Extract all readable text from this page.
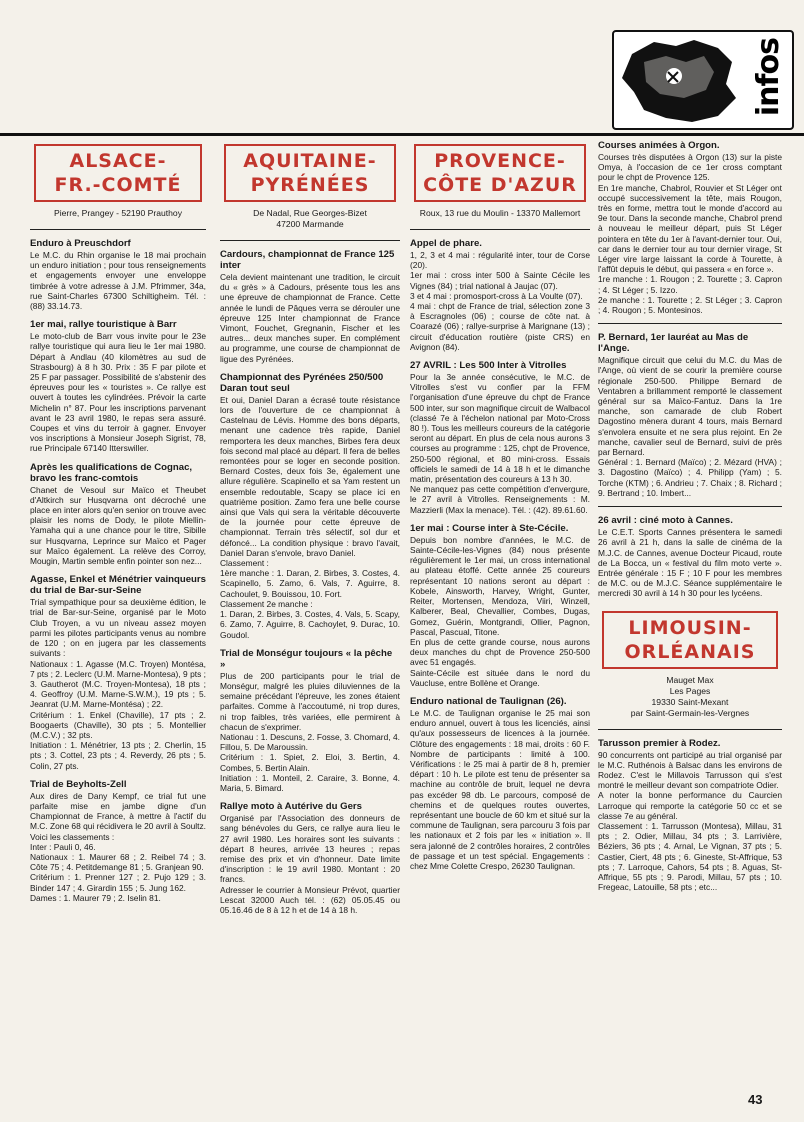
infos
ALSACE-
FR.-COMTÉ
Pierre, Prangey - 52190 Prauthoy
Enduro à Preuschdorf

Le M.C. du Rhin organise le 18 mai prochain un enduro initiation ; pour tous renseignements et engagements envoyer une enveloppe timbrée à votre adresse à J.M. Pfrimmer, 34a, rue Saint-Charles 67300 Schiltigheim. Tél. : (88) 33.14.73.

1er mai, rallye touristique à Barr

Le moto-club de Barr vous invite pour le 23e rallye touristique qui aura lieu le 1er mai 1980. Départ à Andlau (40 kilomètres au sud de Strasbourg) à 8 h 30. Prix : 35 F par pilote et 25 F par passager. Possibilité de s'abstenir des épreuves pour les « touristes ». Ce rallye est ouvert à toutes les cylindrées. Prévoir la carte Michelin n° 87. Pour les inscriptions parvenant avant le 23 avril 1980, le repas sera assuré. Coupes et vins du terroir à gagner. Envoyer vos inscriptions à Monsieur Joseph Sigrist, 78, rue Principale 67140 Itterswiller.

Après les qualifications de Cognac, bravo les franc-comtois

Chanet de Vesoul sur Maïco et Theubet d'Altkirch sur Husqvarna ont décroché une place en inter alors qu'en senior on trouve avec plaisir les noms de Dody, le pilote Miellin-Yamaha qui a une chance pour le titre, Sibille sur Husqvarna, Leprince sur Maïco et Pager sur Maïco également. La relève des Corroy, Mougin, Martin semble enfin pointer son nez...

Agasse, Enkel et Ménétrier vainqueurs du trial de Bar-sur-Seine

Trial sympathique pour sa deuxième édition, le trial de Bar-sur-Seine, organisé par le Moto Club Troyen, a vu un niveau assez moyen parmi les pilotes participants venus au nombre de 120 ; on en jugera par les classements suivants :
Nationaux : 1. Agasse (M.C. Troyen) Montésa, 7 pts ; 2. Leclerc (U.M. Marne-Montesa), 9 pts ; 3. Gautherot (M.C. Troyen-Montesa), 18 pts ; 4. Geoffroy (U.M. Marne-S.W.M.), 19 pts ; 5. Jeanrat (U.M. Marne-Montésa) ; 22.
Critérium : 1. Enkel (Chaville), 17 pts ; 2. Boogaerts (Chaville), 30 pts ; 5. Montellier (M.C.V.) ; 32 pts.
Initiation : 1. Ménétrier, 13 pts ; 2. Cherlin, 15 pts ; 3. Cottel, 23 pts ; 4. Reverdy, 26 pts ; 5. Colin, 27 pts.

Trial de Beyholts-Zell

Aux dires de Dany Kempf, ce trial fut une parfaite mise en jambe digne d'un Championnat de France, à mettre à l'actif du M.C. Zone 68 qui récidivera le 20 avril à Soultz. Voici les classements :
Inter : Pauli 0, 46.
Nationaux : 1. Maurer 68 ; 2. Reibel 74 ; 3. Côte 75 ; 4. Petitdemange 81 ; 5. Granjean 90.
Critérium : 1. Prenner 127 ; 2. Pujo 129 ; 3. Binder 147 ; 4. Girardin 155 ; 5. Jung 162.
Dames : 1. Maurer 79 ; 2. Iselin 81.

AQUITAINE-
PYRÉNÉES
De Nadal, Rue Georges-Bizet
47200 Marmande
Cardours, championnat de France 125 inter

Cela devient maintenant une tradition, le circuit du « grès » à Cadours, présente tous les ans une épreuve de championnat de France. Cette année le lundi de Pâques verra se dérouler une épreuve 125 Inter championnat de France Vimont, Fouchet, Gregnanin, Fischer et les autres... deux manches super. En complément au programme, une course de championnat de ligue des Pyrénées.

Championnat des Pyrénées 250/500
Daran tout seul

Et oui, Daniel Daran a écrasé toute résistance lors de l'ouverture de ce championnat à Castelnau de Lévis. Homme des bons départs, menant une cadence très rapide, Daniel remportera les deux manches, Birbes fera deux fois second mal placé au départ. Il fera de belles remontées pour se loger en seconde position. Bernard Costes, deux fois 3e, également une allure régulière. Scapinello et sa Yam restent un ensemble redoutable, Scapy se place ici en quatrième position. Zamo fera une belle course ainsi que Vals qui sera la véritable découverte de la journée pour cette épreuve de championnat. Terrain très sélectif, sol dur et défoncé... La condition physique : bravo l'avait, Daniel Daran s'envole, bravo Daniel.
Classement :
1ère manche : 1. Daran, 2. Birbes, 3. Costes, 4. Scapinello, 5. Zamo, 6. Vals, 7. Aguirre, 8. Cachoulet, 9. Bouissou, 10. Fort.
Classement 2e manche :
1. Daran, 2. Birbes, 3. Costes, 4. Vals, 5. Scapy, 6. Zamo, 7. Aguirre, 8. Cachoylet, 9. Durac, 10. Goudol.

Trial de Monségur toujours « la pêche »

Plus de 200 participants pour le trial de Monségur, malgré les pluies diluviennes de la semaine précédant l'épreuve, les zones étaient parfaites. Comme à l'accoutumé, ni trop dures, ni trop faibles, très variées, elle permirent à chacun de s'exprimer.
Nationau : 1. Descuns, 2. Fosse, 3. Chomard, 4. Fillou, 5. De Maroussin.
Critérium : 1. Spiet, 2. Eloi, 3. Bertin, 4. Combes, 5. Bertin Alain.
Initiation : 1. Monteil, 2. Caraire, 3. Bonne, 4. Maria, 5. Bimard.

Rallye moto à Autérive du Gers

Organisé par l'Association des donneurs de sang bénévoles du Gers, ce rallye aura lieu le 27 avril 1980. Les horaires sont les suivants : départ 8 heures, arrivée 13 heures ; repas remise des prix et vin d'honneur. Date limite d'inscription : le 19 avril 1980. Montant : 20 francs.
Adresser le courrier à Monsieur Prévot, quartier Lescat 32000 Auch tél. : (62) 05.05.45 ou 05.16.46 de 8 à 12 h et de 14 à 18 h.

PROVENCE-
CÔTE D'AZUR
Roux, 13 rue du Moulin - 13370 Mallemort
Appel de phare.

1, 2, 3 et 4 mai : régularité inter, tour de Corse (20).
1er mai : cross inter 500 à Sainte Cécile les Vignes (84) ; trial national à Jaujac (07).
3 et 4 mai : promosport-cross à La Voulte (07).
4 mai : chpt de France de trial, sélection zone 3 à Escragnoles (06) ; course de côte nat. à Coarazé (06) ; rallye-surprise à Marignane (13) ; circuit d'éducation routière (piste CRS) en Avignon (84).

27 AVRIL : Les 500 Inter à Vitrolles

Pour la 3e année consécutive, le M.C. de Vitrolles s'est vu confier par la FFM l'organisation d'une épreuve du chpt de France 500 inter, sur son magnifique circuit de Walbacol (classé 7e à l'échelon national par Moto-Cross 80 !). Tous les meilleurs coureurs de la catégorie seront au départ. En plus de cela nous aurons 3 courses au programme : 125, chpt de Provence, 250-500 régional, et 80 mini-cross. Essais officiels le samedi de 14 à 18 h et le dimanche matin, présentation des coureurs à 13 h 30.
Ne manquez pas cette compétition d'envergure, le 27 avril à Vitrolles. Renseignements : M. Mazzierli (Max la menace). Tél. : (42). 89.61.60.

1er mai : Course inter à Ste-Cécile.

Depuis bon nombre d'années, le M.C. de Sainte-Cécile-les-Vignes (84) nous présente régulièrement le 1er mai, un cross international au plateau étoffé. Cette année 25 coureurs représentant 10 nations seront au départ : Kobele, Ainsworth, Harvey, Wright, Gunter, Reiter, Mortensen, Mendoza, Viiri, Winzell, Kalberer, Beal, Chevallier, Combes, Dugas, Gomez, Guérin, Montgrandi, Ollier, Pagnon, Pascal, Pascual, Titone.
En plus de cette grande course, nous aurons deux manches du chpt de Provence 250-500 avec 51 engagés.
Sainte-Cécile est située dans le nord du Vaucluse, entre Bollène et Orange.

Enduro national de Taulignan (26).

Le M.C. de Taulignan organise le 25 mai son enduro annuel, ouvert à tous les licenciés, ainsi qu'aux possesseurs de licences à la journée. Clôture des engagements : 18 mai, droits : 60 F. Nombre de participants : limité à 100. Vérifications : le 25 mai à partir de 8 h, premier départ : 10 h. Le pilote est tenu de présenter sa machine au contrôle de bruit, lequel ne devra pas excéder 98 db. Le parcours, composé de chemins et de quelques routes ouvertes, représentant une boucle de 60 km et situé sur la commune de Taulignan, sera parcouru 3 fois par les nationaux et 2 fois par les « initiation ». Il sera jalonné de 2 contrôles horaires, 2 contrôles de passage et un test spécial. Engagements : chez Mme Colette Crespo, 26230 Taulignan.

Courses animées à Orgon.

Courses très disputées à Orgon (13) sur la piste Omya, à l'occasion de ce 1er cross comptant pour le chpt de Provence 125.
En 1re manche, Chabrol, Rouvier et St Léger ont occupé successivement la tête, mais Rougon, très en forme, mettra tout le monde d'accord au 9e tour. Dans la seconde manche, Chabrol prend à nouveau le meilleur départ, puis St Léger pointera en tête du 1er à l'avant-dernier tour. Oui, car dans le dernier tour au tour dernier virage, St Léger vire large laissant la corde à Tourette, à l'affût depuis le début, qui passera « en force ».
1re manche : 1. Rougon ; 2. Tourette ; 3. Capron ; 4. St Léger ; 5. Izzo.
2e manche : 1. Tourette ; 2. St Léger ; 3. Capron ; 4. Rougon ; 5. Montesinos.

P. Bernard, 1er lauréat au Mas de l'Ange.

Magnifique circuit que celui du M.C. du Mas de l'Ange, où vient de se courir la première course régionale 250-500. Philippe Bernard de Ventabren a brillamment remporté le classement général sur sa Maïco-Fantuz. Dans la 1re manche, son camarade de club Robert Dagostino mènera durant 4 tours, mais Bernard s'envolera ensuite et ne sera plus rejoint. En 2e manche, cavalier seul de Bernard, suivi de près par Bernard.
Général : 1. Bernard (Maïco) ; 2. Mézard (HVA) ; 3. Dagostino (Maïco) ; 4. Philipp (Yam) ; 5. Torche (KTM) ; 6. Andrieu ; 7. Chaix ; 8. Richard ; 9. Bertrand ; 10. Imbert...

26 avril : ciné moto à Cannes.

Le C.E.T. Sports Cannes présentera le samedi 26 avril à 21 h, dans la salle de cinéma de la M.J.C. de Cannes, avenue Docteur Picaud, route de La Bocca, un « festival du film moto verte ». Entrée générale : 15 F ; 10 F pour les membres de M.C. ou de M.J.C. Séance supplémentaire le mercredi 30 avril à 14 h 30 pour les lycéens.

LIMOUSIN-
ORLÉANAIS
Mauget Max
Les Pages
19330 Saint-Mexant
par Saint-Germain-les-Vergnes
Tarusson premier à Rodez.

90 concurrents ont participé au trial organisé par le M.C. Ruthénois à Balsac dans les environs de Rodez. C'est le Millavois Tarrusson qui s'est montré le meilleur devant son compatriote Odier.
A noter la bonne performance du Caurcien Larroque qui remporte la catégorie 50 cc et se classe 7e au général.
Classement : 1. Tarrusson (Montesa), Millau, 31 pts ; 2. Odier, Millau, 34 pts ; 3. Larrivière, Béziers, 36 pts ; 4. Arnal, Le Vignan, 37 pts ; 5. Castier, Ciert, 48 pts ; 6. Gineste, St-Affrique, 53 pts ; 7. Larroque, Cahors, 54 pts ; 8. Aguas, St-Affrique, 55 pts ; 9. Parodi, Millau, 57 pts ; 10. Fregeac, Latouille, 58 pts ; etc...

43
